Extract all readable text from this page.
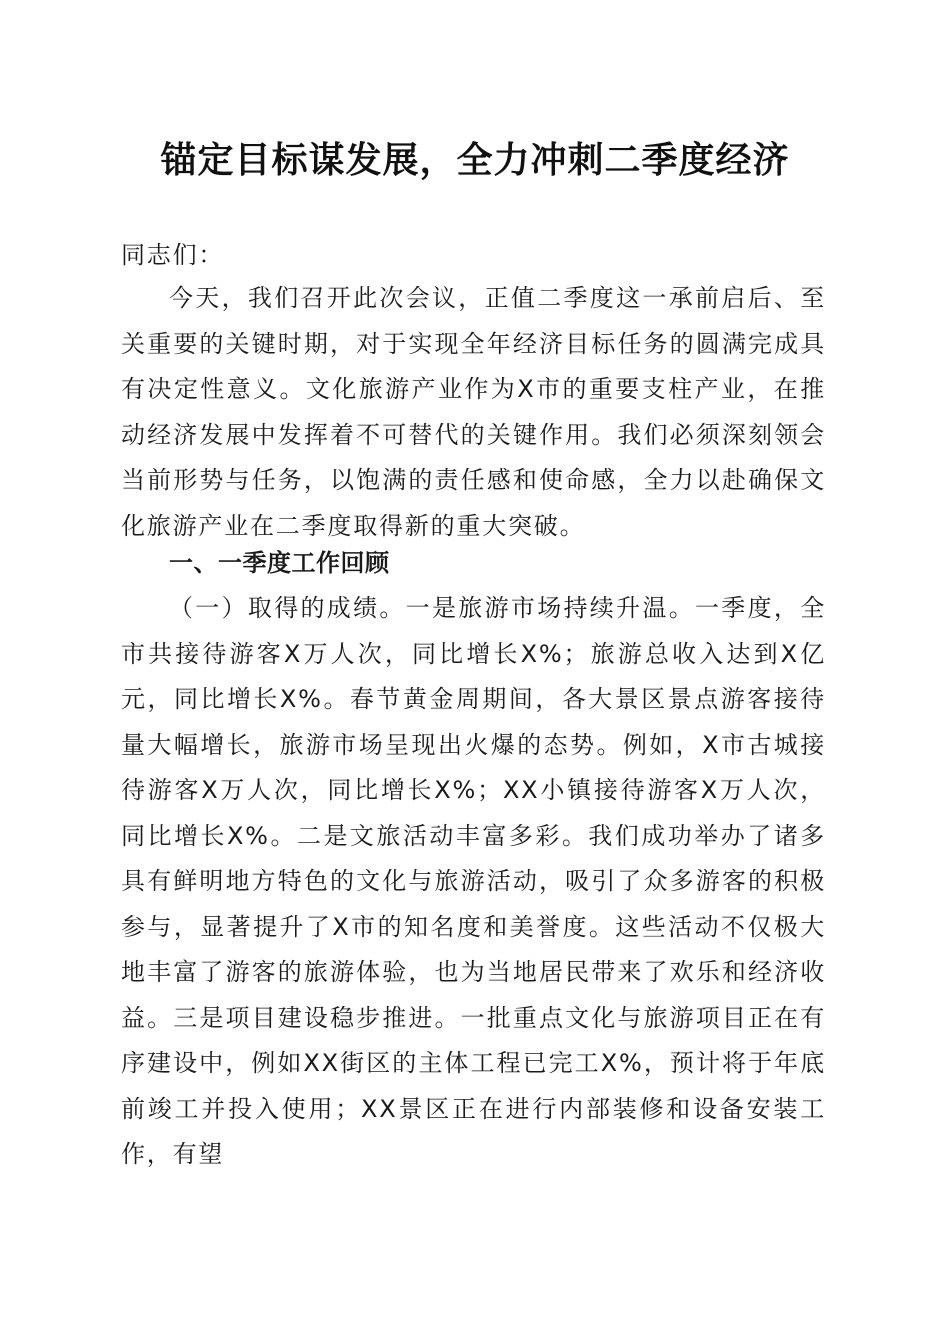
锚定目标谋发展，全力冲刺二季度经济
同志们：
今天，我们召开此次会议，正值二季度这一承前启后、至关重要的关键时期，对于实现全年经济目标任务的圆满完成具有决定性意义。文化旅游产业作为X市的重要支柱产业，在推动经济发展中发挥着不可替代的关键作用。我们必须深刻领会当前形势与任务，以饱满的责任感和使命感，全力以赴确保文化旅游产业在二季度取得新的重大突破。
一、一季度工作回顾
（一）取得的成绩。一是旅游市场持续升温。一季度，全市共接待游客X万人次，同比增长X%；旅游总收入达到X亿元，同比增长X%。春节黄金周期间，各大景区景点游客接待量大幅增长，旅游市场呈现出火爆的态势。例如，X市古城接待游客X万人次，同比增长X%；XX小镇接待游客X万人次，同比增长X%。二是文旅活动丰富多彩。我们成功举办了诸多具有鲜明地方特色的文化与旅游活动，吸引了众多游客的积极参与，显著提升了X市的知名度和美誉度。这些活动不仅极大地丰富了游客的旅游体验，也为当地居民带来了欢乐和经济收益。三是项目建设稳步推进。一批重点文化与旅游项目正在有序建设中，例如XX街区的主体工程已完工X%，预计将于年底前竣工并投入使用；XX景区正在进行内部装修和设备安装工作，有望
